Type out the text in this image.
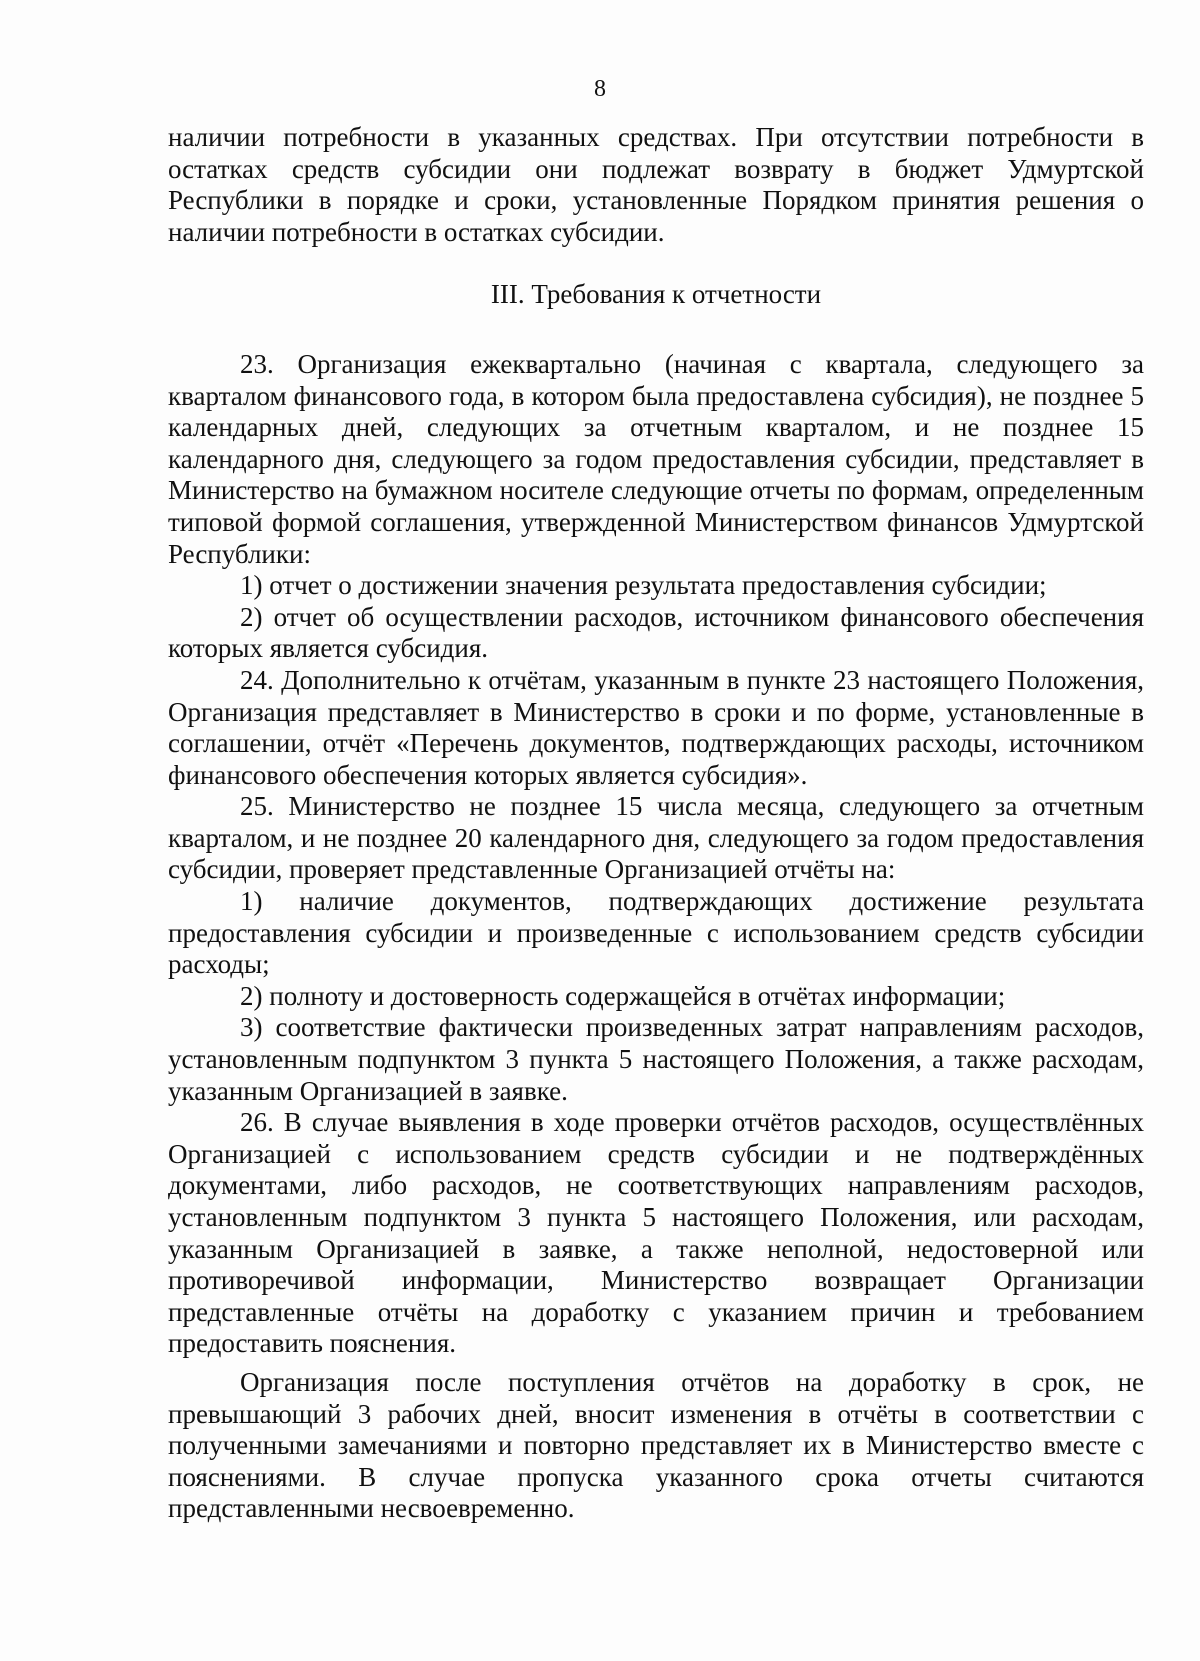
8

наличии потребности в указанных средствах. При отсутствии потребности в остатках средств субсидии они подлежат возврату в бюджет Удмуртской Республики в порядке и сроки, установленные Порядком принятия решения о наличии потребности в остатках субсидии.

III. Требования к отчетности

23. Организация ежеквартально (начиная с квартала, следующего за кварталом финансового года, в котором была предоставлена субсидия), не позднее 5 календарных дней, следующих за отчетным кварталом, и не позднее 15 календарного дня, следующего за годом предоставления субсидии, представляет в Министерство на бумажном носителе следующие отчеты по формам, определенным типовой формой соглашения, утвержденной Министерством финансов Удмуртской Республики:

1) отчет о достижении значения результата предоставления субсидии;

2) отчет об осуществлении расходов, источником финансового обеспечения которых является субсидия.

24. Дополнительно к отчётам, указанным в пункте 23 настоящего Положения, Организация представляет в Министерство в сроки и по форме, установленные в соглашении, отчёт «Перечень документов, подтверждающих расходы, источником финансового обеспечения которых является субсидия».

25. Министерство не позднее 15 числа месяца, следующего за отчетным кварталом, и не позднее 20 календарного дня, следующего за годом предоставления субсидии, проверяет представленные Организацией отчёты на:

1) наличие документов, подтверждающих достижение результата предоставления субсидии и произведенные с использованием средств субсидии расходы;

2) полноту и достоверность содержащейся в отчётах информации;

3) соответствие фактически произведенных затрат направлениям расходов, установленным подпунктом 3 пункта 5 настоящего Положения, а также расходам, указанным Организацией в заявке.

26. В случае выявления в ходе проверки отчётов расходов, осуществлённых Организацией с использованием средств субсидии и не подтверждённых документами, либо расходов, не соответствующих направлениям расходов, установленным подпунктом 3 пункта 5 настоящего Положения, или расходам, указанным Организацией в заявке, а также неполной, недостоверной или противоречивой информации, Министерство возвращает Организации представленные отчёты на доработку с указанием причин и требованием предоставить пояснения.

Организация после поступления отчётов на доработку в срок, не превышающий 3 рабочих дней, вносит изменения в отчёты в соответствии с полученными замечаниями и повторно представляет их в Министерство вместе с пояснениями. В случае пропуска указанного срока отчеты считаются представленными несвоевременно.
